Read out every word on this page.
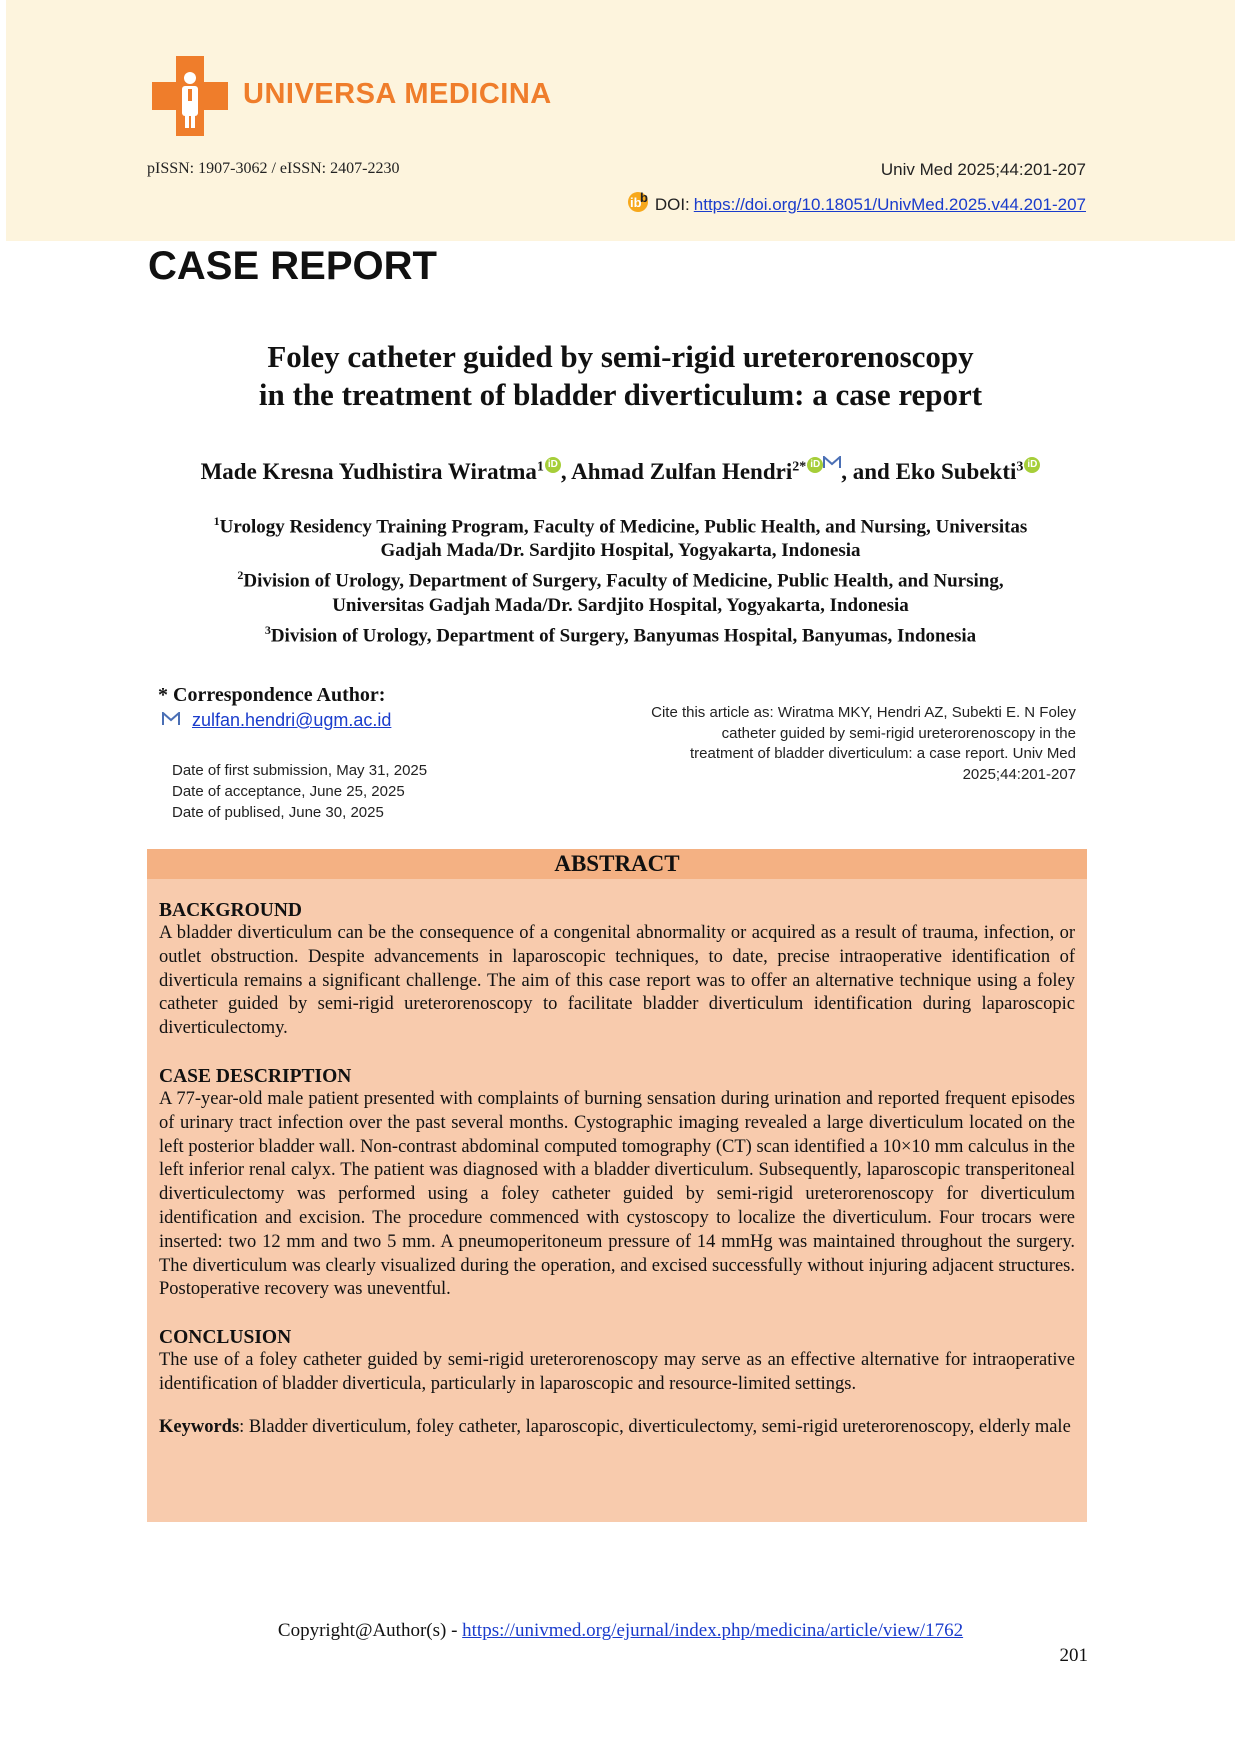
UNIVERSA MEDICINA
pISSN: 1907-3062 / eISSN: 2407-2230	Univ Med 2025;44:201-207
ib
b DOI: https://doi.org/10.18051/UnivMed.2025.v44.201-207
CASE REPORT
Foley catheter guided by semi-rigid ureterorenoscopy
in the treatment of bladder diverticulum: a case report
Made Kresna Yudhistira Wiratma$^1$ iD , Ahmad Zulfan Hendri$^{2*}$ iD , and Eko Subekti$^3$ iD
$^1$Urology Residency Training Program, Faculty of Medicine, Public Health, and Nursing, Universitas
Gadjah Mada/Dr. Sardjito Hospital, Yogyakarta, Indonesia
$^2$Division of Urology, Department of Surgery, Faculty of Medicine, Public Health, and Nursing,
Universitas Gadjah Mada/Dr. Sardjito Hospital, Yogyakarta, Indonesia
$^3$Division of Urology, Department of Surgery, Banyumas Hospital, Banyumas, Indonesia
* Correspondence Author:
zulfan.hendri@ugm.ac.id
Date of first submission, May 31, 2025
Date of acceptance, June 25, 2025
Date of publised, June 30, 2025
Cite this article as: Wiratma MKY, Hendri AZ, Subekti E. N Foley
catheter guided by semi-rigid ureterorenoscopy in the
treatment of bladder diverticulum: a case report. Univ Med
2025;44:201-207
ABSTRACT
BACKGROUND

A bladder diverticulum can be the consequence of a congenital abnormality or acquired as a result of trauma, infection, or outlet obstruction. Despite advancements in laparoscopic techniques, to date, precise intraoperative identification of diverticula remains a significant challenge. The aim of this case report was to offer an alternative technique using a foley catheter guided by semi-rigid ureterorenoscopy to facilitate bladder diverticulum identification during laparoscopic diverticulectomy.

CASE DESCRIPTION

A 77-year-old male patient presented with complaints of burning sensation during urination and reported frequent episodes of urinary tract infection over the past several months. Cystographic imaging revealed a large diverticulum located on the left posterior bladder wall. Non-contrast abdominal computed tomography (CT) scan identified a 10×10 mm calculus in the left inferior renal calyx. The patient was diagnosed with a bladder diverticulum. Subsequently, laparoscopic transperitoneal diverticulectomy was performed using a foley catheter guided by semi-rigid ureterorenoscopy for diverticulum identification and excision. The procedure commenced with cystoscopy to localize the diverticulum. Four trocars were inserted: two 12 mm and two 5 mm. A pneumoperitoneum pressure of 14 mmHg was maintained throughout the surgery. The diverticulum was clearly visualized during the operation, and excised successfully without injuring adjacent structures. Postoperative recovery was uneventful.

CONCLUSION

The use of a foley catheter guided by semi-rigid ureterorenoscopy may serve as an effective alternative for intraoperative identification of bladder diverticula, particularly in laparoscopic and resource-limited settings.

Keywords: Bladder diverticulum, foley catheter, laparoscopic, diverticulectomy, semi-rigid ureterorenoscopy, elderly male

Copyright@Author(s) - https://univmed.org/ejurnal/index.php/medicina/article/view/1762
201
